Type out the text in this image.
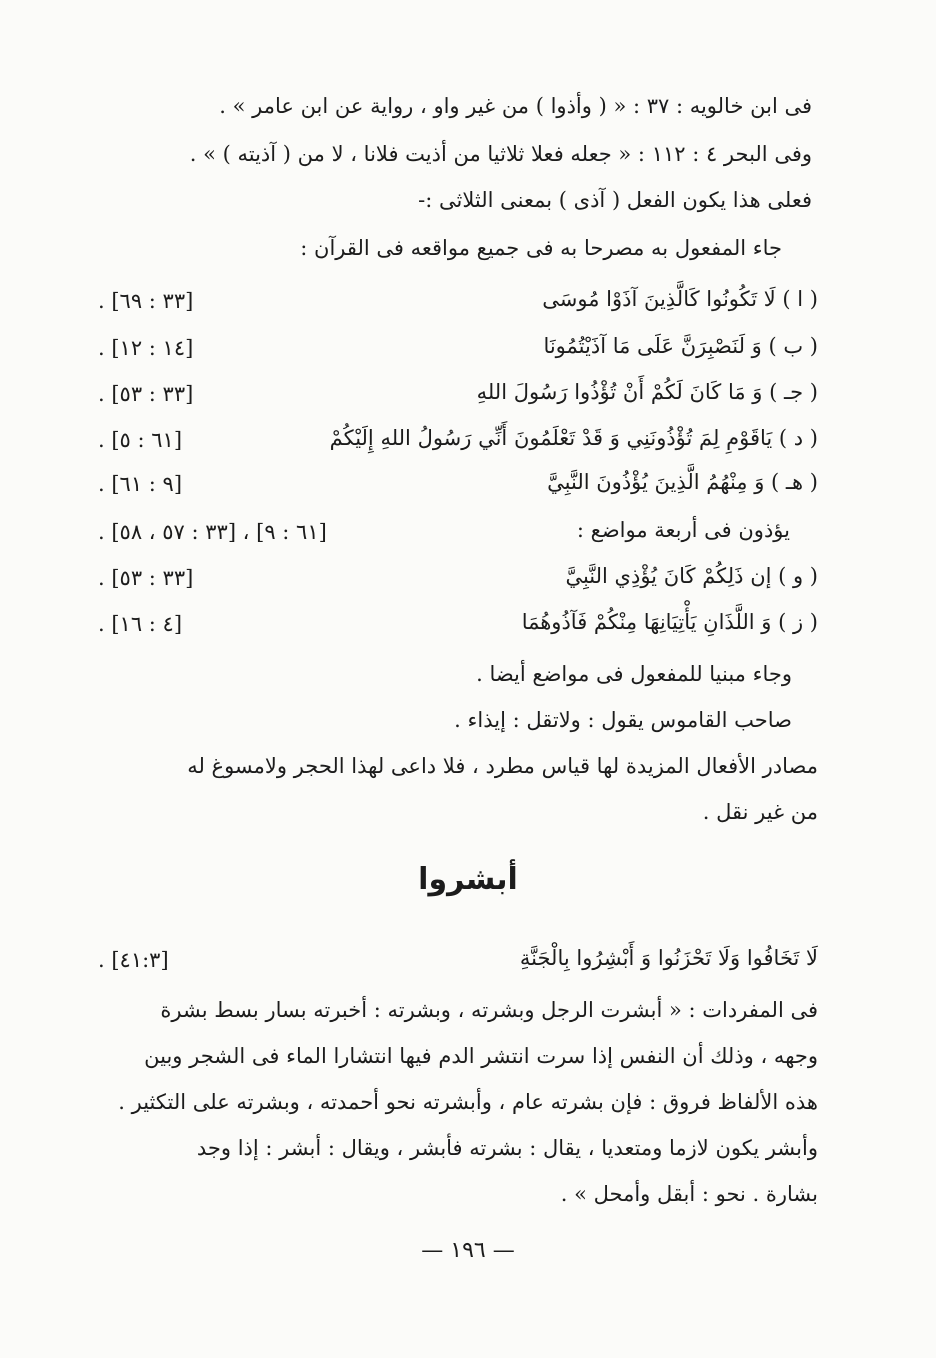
فى ابن خالويه : ٣٧ : « ( وأذوا ) من غير واو ، رواية عن ابن عامر » .
وفى البحر ٤ : ١١٢ : « جعله فعلا ثلاثيا من أذيت فلانا ، لا من ( آذيته ) » .
فعلى هذا يكون الفعل ( آذى ) بمعنى الثلاثى :-
جاء المفعول به مصرحا به فى جميع مواقعه فى القرآن :
( ا ) لَا تَكُونُوا كَالَّذِينَ آذَوْا مُوسَى
[٣٣ : ٦٩] .
( ب ) وَ لَنَصْبِرَنَّ عَلَى مَا آذَيْتُمُونَا
[١٤ : ١٢] .
( جـ ) وَ مَا كَانَ لَكُمْ أَنْ تُؤْذُوا رَسُولَ اللهِ
[٣٣ : ٥٣] .
( د ) يَاقَوْمِ لِمَ تُؤْذُونَنِي وَ قَدْ تَعْلَمُونَ أَنِّي رَسُولُ اللهِ إِلَيْكُمْ
[٦١ : ٥] .
( هـ ) وَ مِنْهُمُ الَّذِينَ يُؤْذُونَ النَّبِيَّ
[٩ : ٦١] .
يؤذون فى أربعة مواضع :
[٦١ : ٩] ، [٣٣ : ٥٧ ، ٥٨] .
( و ) إن ذَلِكُمْ كَانَ يُؤْذِي النَّبِيَّ
[٣٣ : ٥٣] .
( ز ) وَ اللَّذَانِ يَأْتِيَانِهَا مِنْكُمْ فَآذُوهُمَا
[٤ : ١٦] .
وجاء مبنيا للمفعول فى مواضع أيضا .
صاحب القاموس يقول : ولاتقل : إيذاء .
مصادر الأفعال المزيدة لها قياس مطرد ، فلا داعى لهذا الحجر ولامسوغ له
من غير نقل .
أبشروا
لَا تَخَافُوا وَلَا تَحْزَنُوا وَ أَبْشِرُوا بِالْجَنَّةِ
[٤١:٣] .
فى المفردات : « أبشرت الرجل وبشرته ، وبشرته : أخبرته بسار بسط بشرة
وجهه ، وذلك أن النفس إذا سرت انتشر الدم فيها انتشارا الماء فى الشجر وبين
هذه الألفاظ فروق : فإن بشرته عام ، وأبشرته نحو أحمدته ، وبشرته على التكثير .
وأبشر يكون لازما ومتعديا ، يقال : بشرته فأبشر ، ويقال : أبشر : إذا وجد
بشارة . نحو : أبقل وأمحل » .
— ١٩٦ —
